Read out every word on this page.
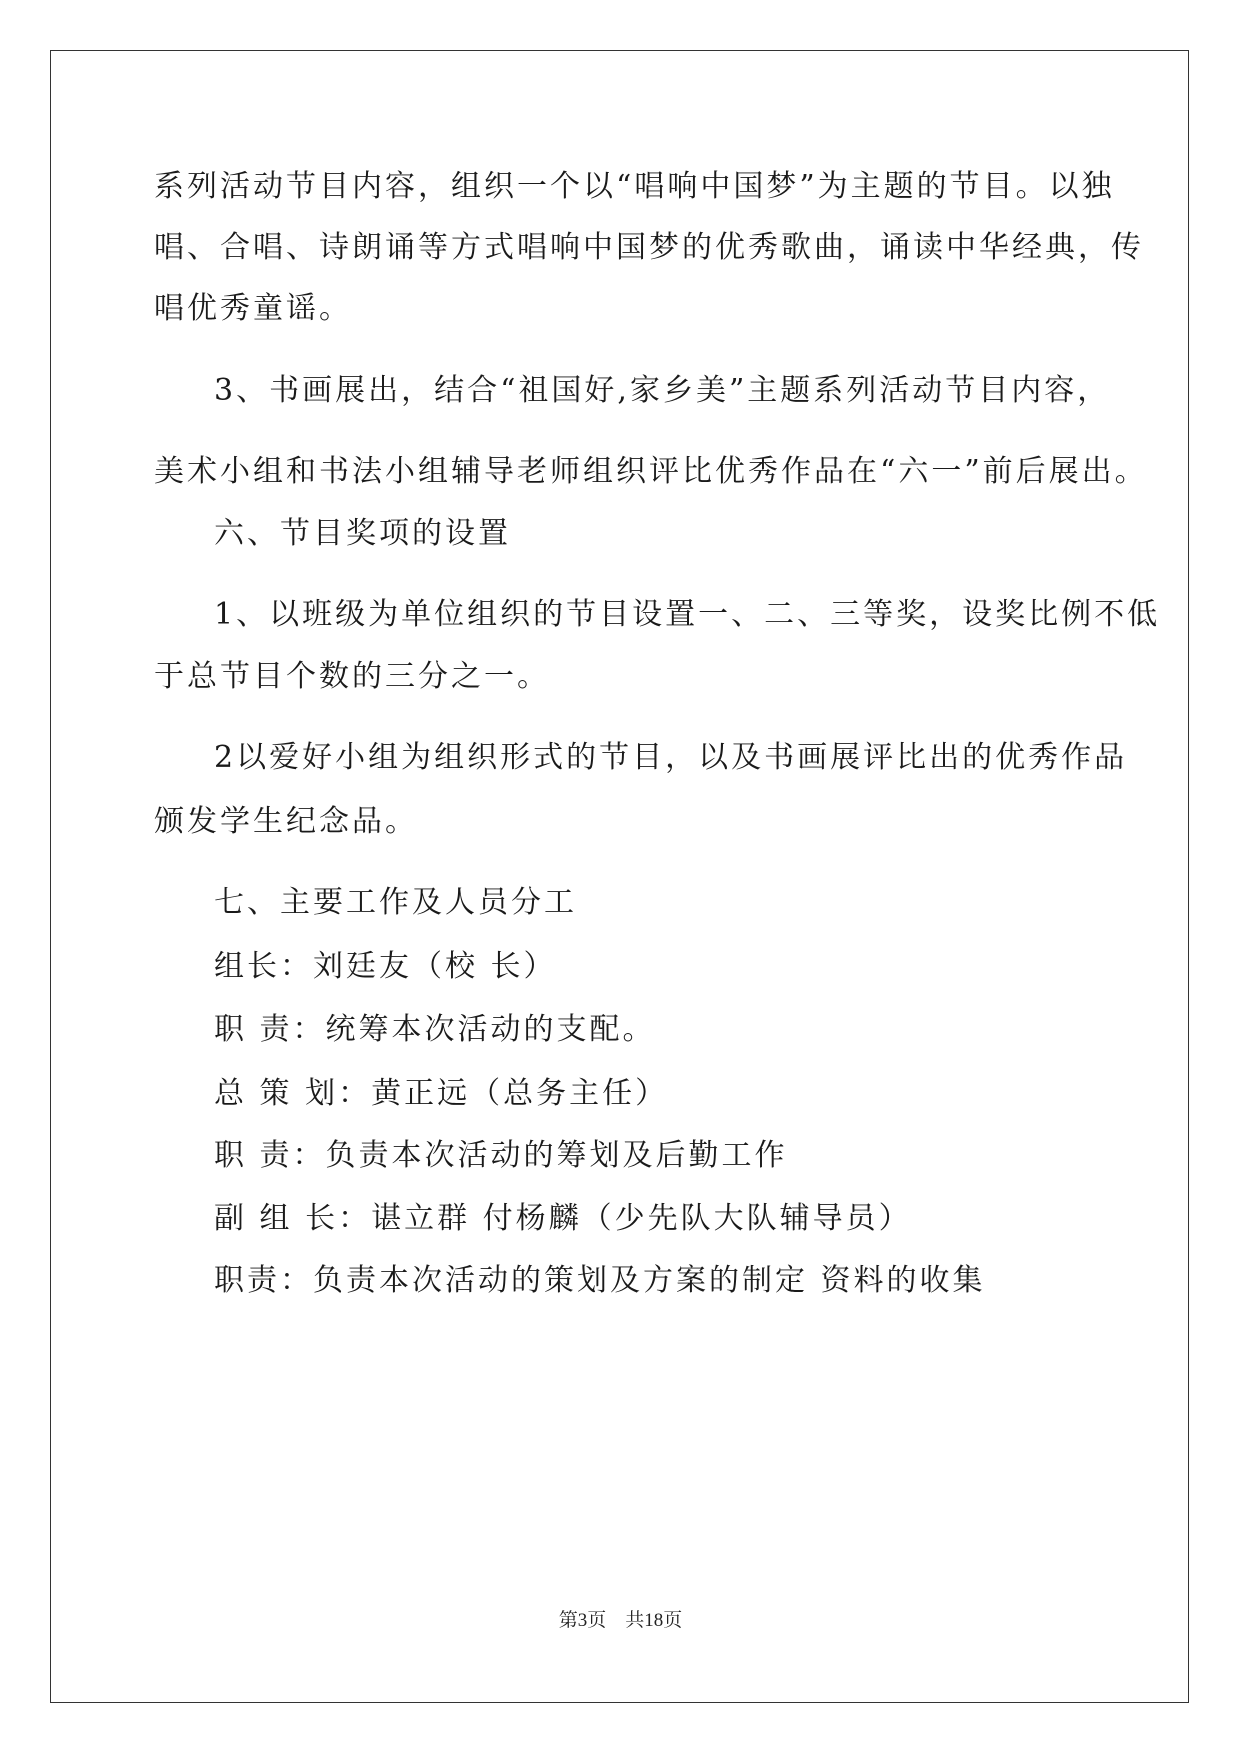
系列活动节目内容，组织一个以“唱响中国梦”为主题的节目。以独
唱、合唱、诗朗诵等方式唱响中国梦的优秀歌曲，诵读中华经典，传
唱优秀童谣。
3、书画展出，结合“祖国好,家乡美”主题系列活动节目内容，
美术小组和书法小组辅导老师组织评比优秀作品在“六一”前后展出。
六、节目奖项的设置
1、以班级为单位组织的节目设置一、二、三等奖，设奖比例不低
于总节目个数的三分之一。
2以爱好小组为组织形式的节目，以及书画展评比出的优秀作品
颁发学生纪念品。
七、主要工作及人员分工
组长：刘廷友（校 长）
职 责：统筹本次活动的支配。
总 策 划：黄正远（总务主任）
职 责：负责本次活动的筹划及后勤工作
副 组 长：谌立群 付杨麟（少先队大队辅导员）
职责：负责本次活动的策划及方案的制定 资料的收集
第3页　共18页
